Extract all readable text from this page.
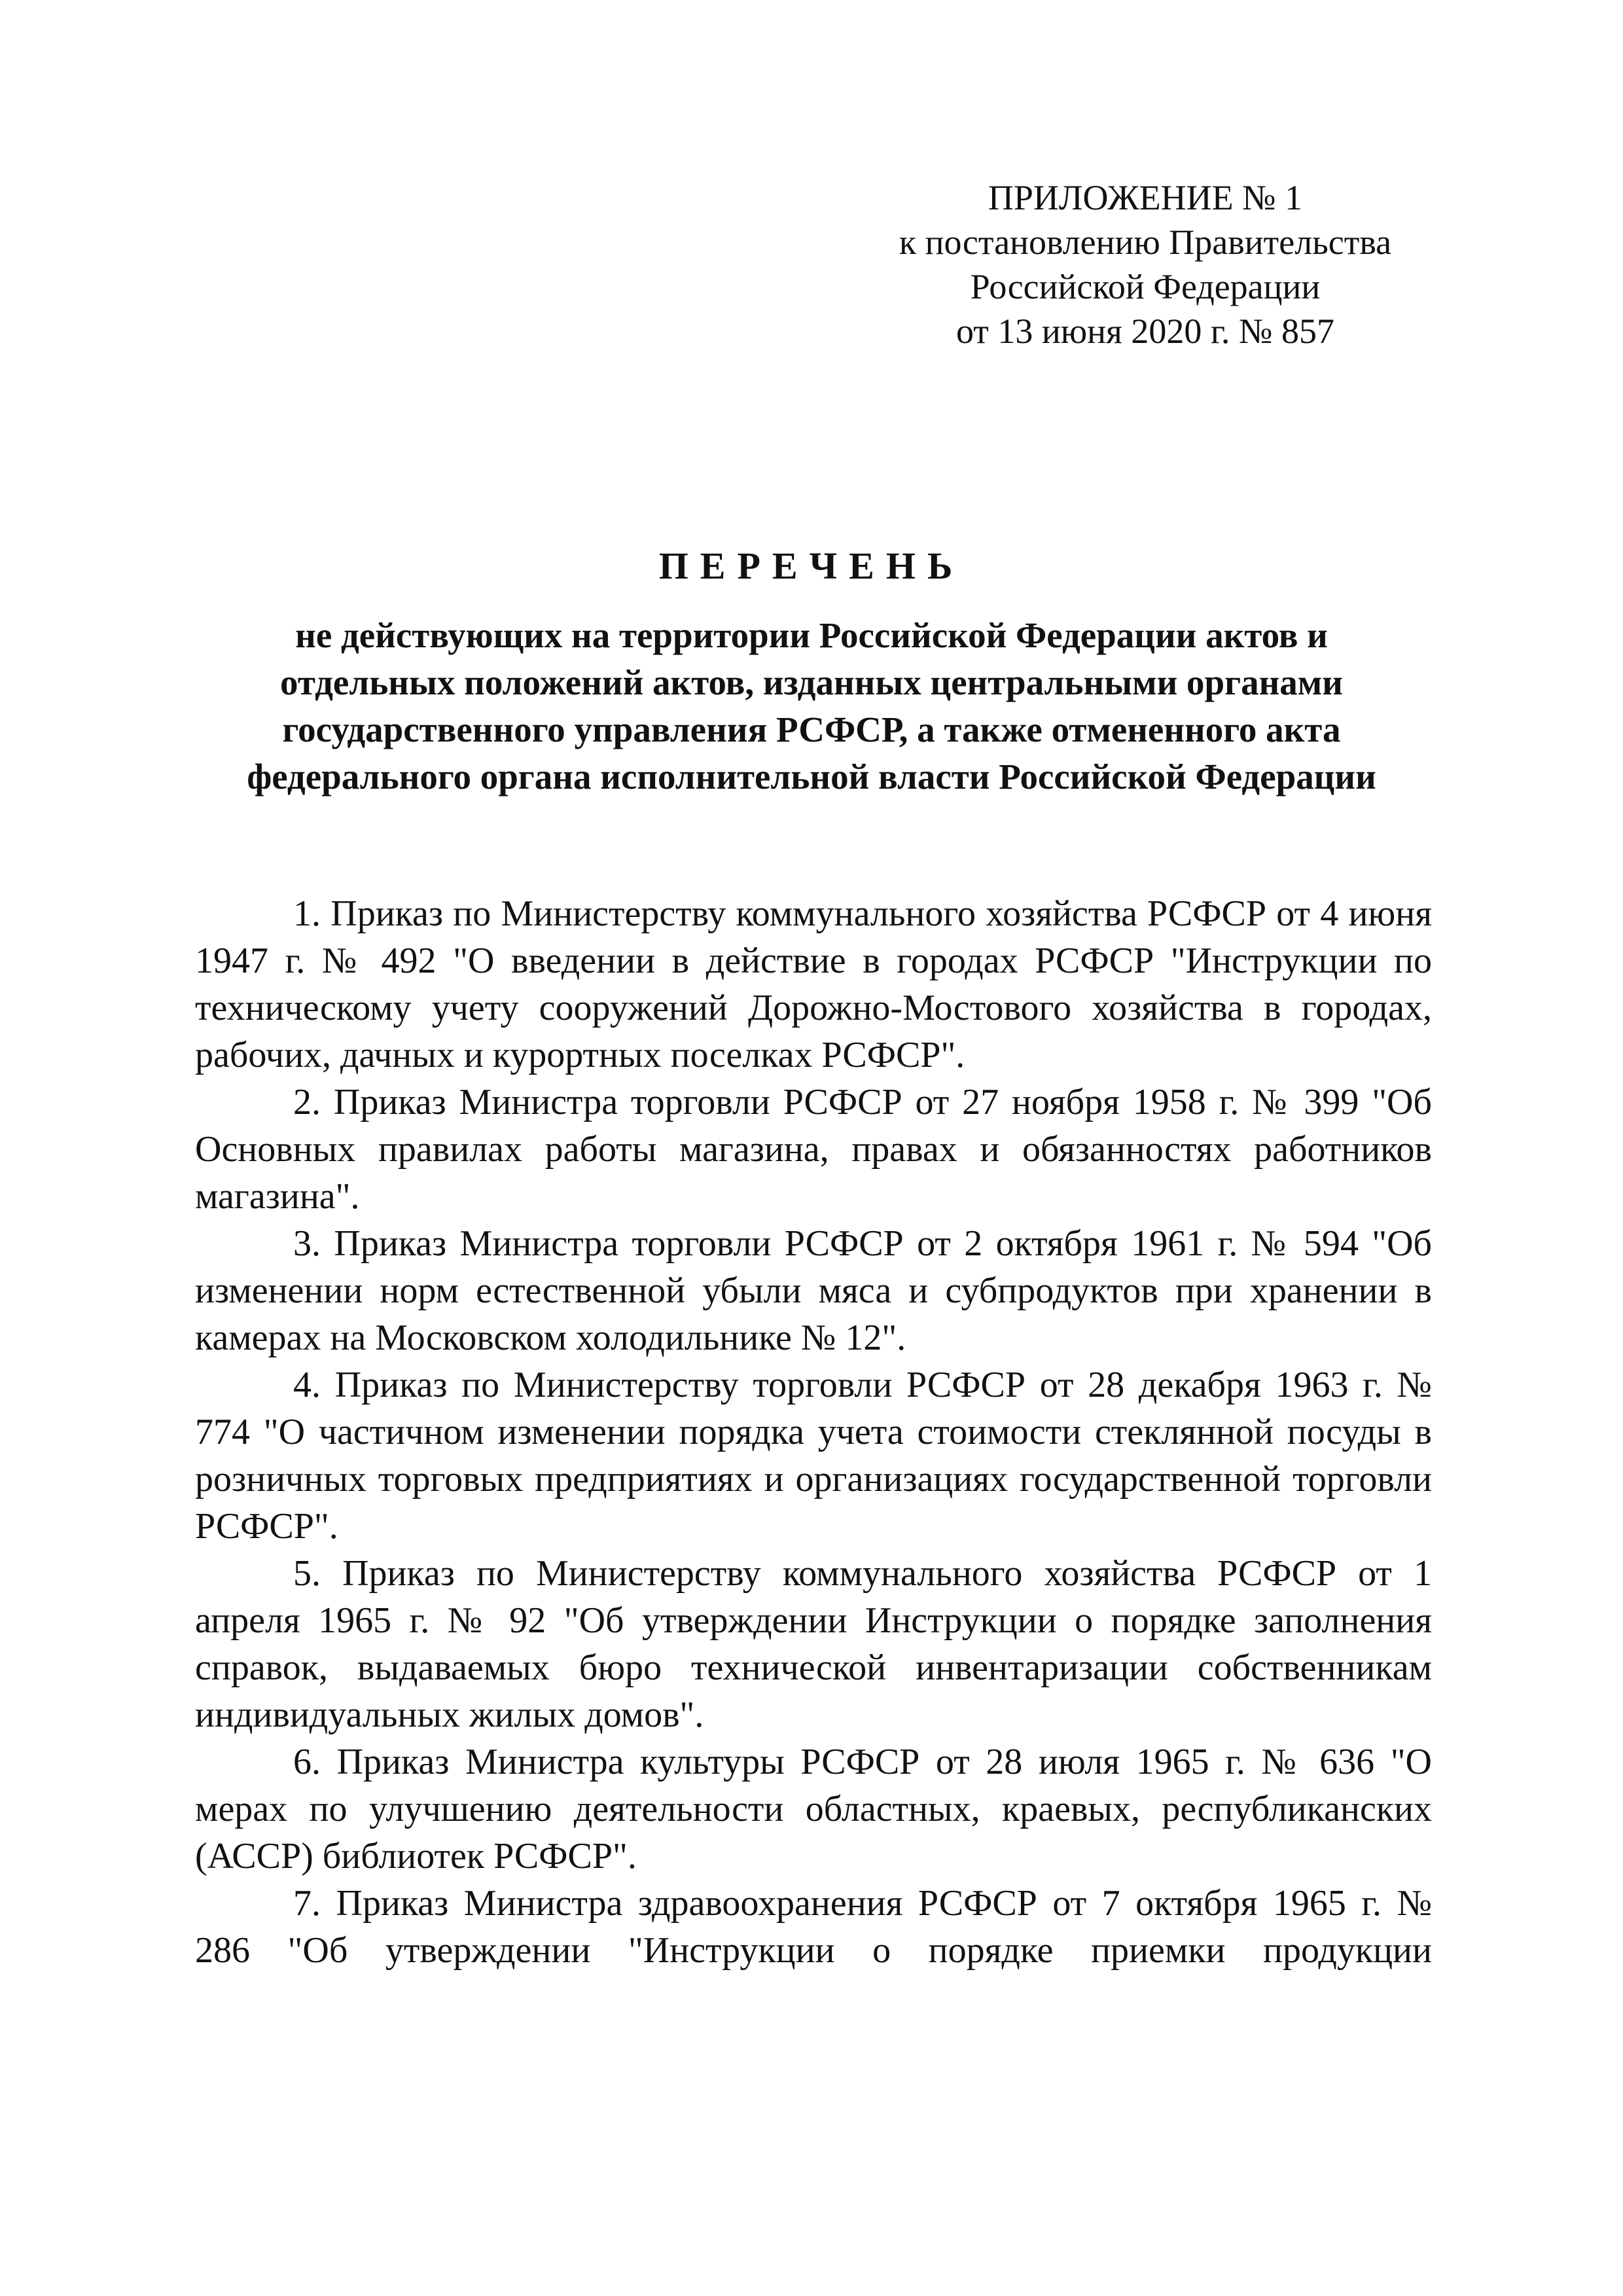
ПРИЛОЖЕНИЕ № 1
к постановлению Правительства
Российской Федерации
от 13 июня 2020 г. № 857
ПЕРЕЧЕНЬ
не действующих на территории Российской Федерации актов и
отдельных положений актов, изданных центральными органами
государственного управления РСФСР, а также отмененного акта
федерального органа исполнительной власти Российской Федерации

1. Приказ по Министерству коммунального хозяйства РСФСР от 4 июня 1947 г. № 492 "О введении в действие в городах РСФСР "Инструкции по техническому учету сооружений Дорожно-Мостового хозяйства в городах, рабочих, дачных и курортных поселках РСФСР".

2. Приказ Министра торговли РСФСР от 27 ноября 1958 г. № 399 "Об Основных правилах работы магазина, правах и обязанностях работников магазина".

3. Приказ Министра торговли РСФСР от 2 октября 1961 г. № 594 "Об изменении норм естественной убыли мяса и субпродуктов при хранении в камерах на Московском холодильнике № 12".

4. Приказ по Министерству торговли РСФСР от 28 декабря 1963 г. № 774 "О частичном изменении порядка учета стоимости стеклянной посуды в розничных торговых предприятиях и организациях государственной торговли РСФСР".

5. Приказ по Министерству коммунального хозяйства РСФСР от 1 апреля 1965 г. № 92 "Об утверждении Инструкции о порядке заполнения справок, выдаваемых бюро технической инвентаризации собственникам индивидуальных жилых домов".

6. Приказ Министра культуры РСФСР от 28 июля 1965 г. № 636 "О мерах по улучшению деятельности областных, краевых, республиканских (АССР) библиотек РСФСР".

7. Приказ Министра здравоохранения РСФСР от 7 октября 1965 г. № 286 "Об утверждении "Инструкции о порядке приемки продукции
